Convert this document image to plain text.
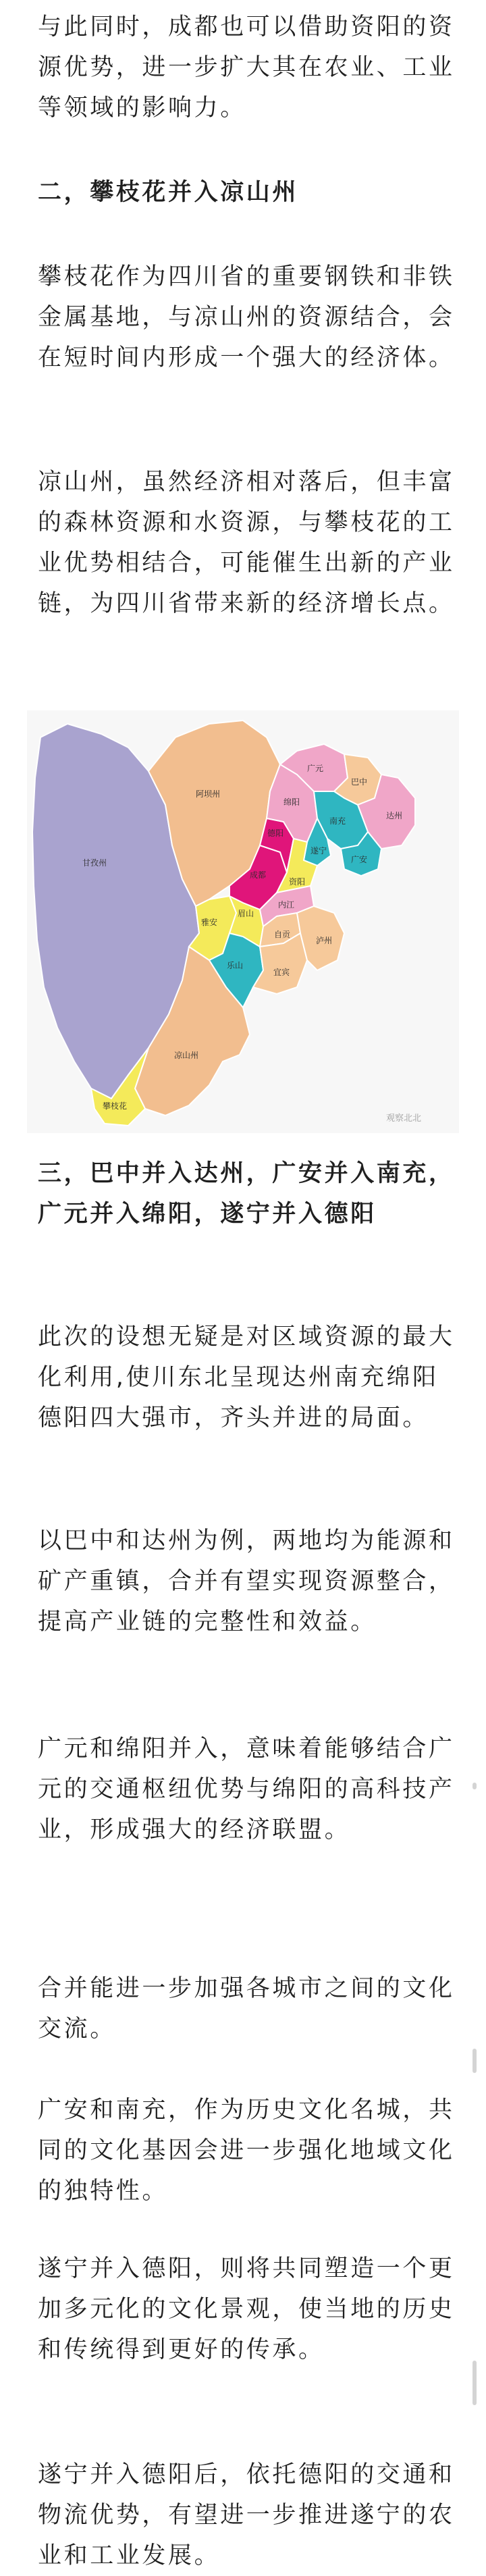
与此同时，成都也可以借助资阳的资源优势，进一步扩大其在农业、工业等领域的影响力。

二，攀枝花并入凉山州

攀枝花作为四川省的重要钢铁和非铁金属基地，与凉山州的资源结合，会在短时间内形成一个强大的经济体。

凉山州，虽然经济相对落后，但丰富的森林资源和水资源，与攀枝花的工业优势相结合，可能催生出新的产业链，为四川省带来新的经济增长点。

甘孜州
阿坝州
广元
巴中
绵阳
南充
达州
德阳
成都
遂宁
广安
雅安
眉山
资阳
内江
乐山
自贡
宜宾
泸州
凉山州
攀枝花
观察北北
三，巴中并入达州，广安并入南充，广元并入绵阳，遂宁并入德阳

此次的设想无疑是对区域资源的最大化利用,使川东北呈现达州南充绵阳德阳四大强市，齐头并进的局面。

以巴中和达州为例，两地均为能源和矿产重镇，合并有望实现资源整合，提高产业链的完整性和效益。

广元和绵阳并入，意味着能够结合广元的交通枢纽优势与绵阳的高科技产业，形成强大的经济联盟。

合并能进一步加强各城市之间的文化交流。

广安和南充，作为历史文化名城，共同的文化基因会进一步强化地域文化的独特性。

遂宁并入德阳，则将共同塑造一个更加多元化的文化景观，使当地的历史和传统得到更好的传承。

遂宁并入德阳后，依托德阳的交通和物流优势，有望进一步推进遂宁的农业和工业发展。
